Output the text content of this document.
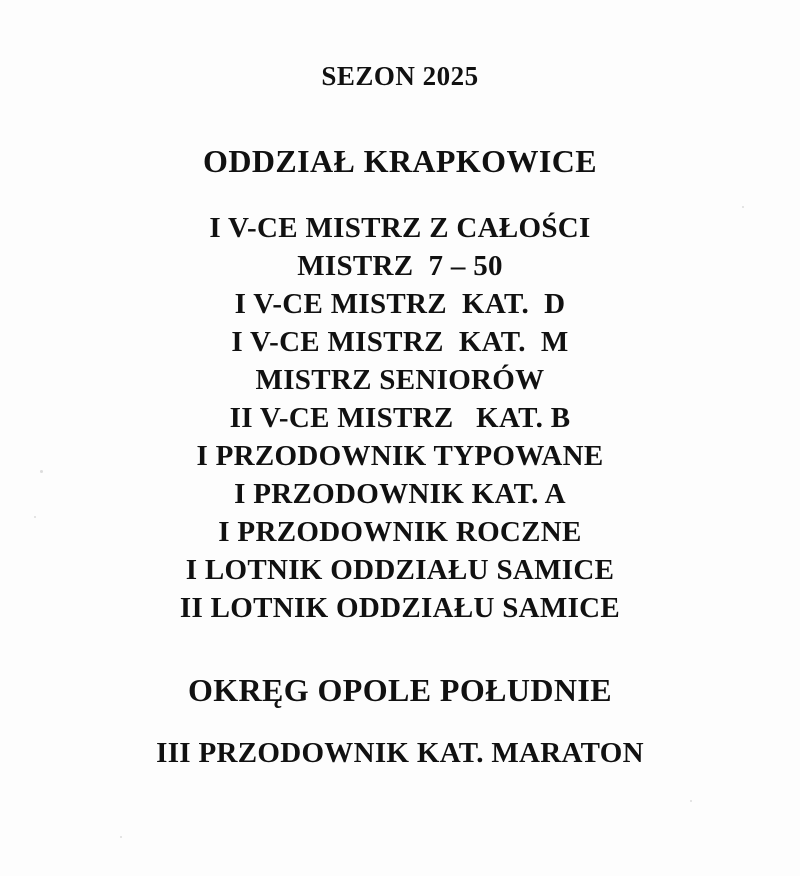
SEZON 2025
ODDZIAŁ KRAPKOWICE
I V-CE MISTRZ Z CAŁOŚCI
MISTRZ  7 – 50
I V-CE MISTRZ  KAT.  D
I V-CE MISTRZ  KAT.  M
MISTRZ SENIORÓW
II V-CE MISTRZ   KAT. B
I PRZODOWNIK TYPOWANE
I PRZODOWNIK KAT. A
I PRZODOWNIK ROCZNE
I LOTNIK ODDZIAŁU SAMICE
II LOTNIK ODDZIAŁU SAMICE
OKRĘG OPOLE POŁUDNIE
III PRZODOWNIK KAT. MARATON
